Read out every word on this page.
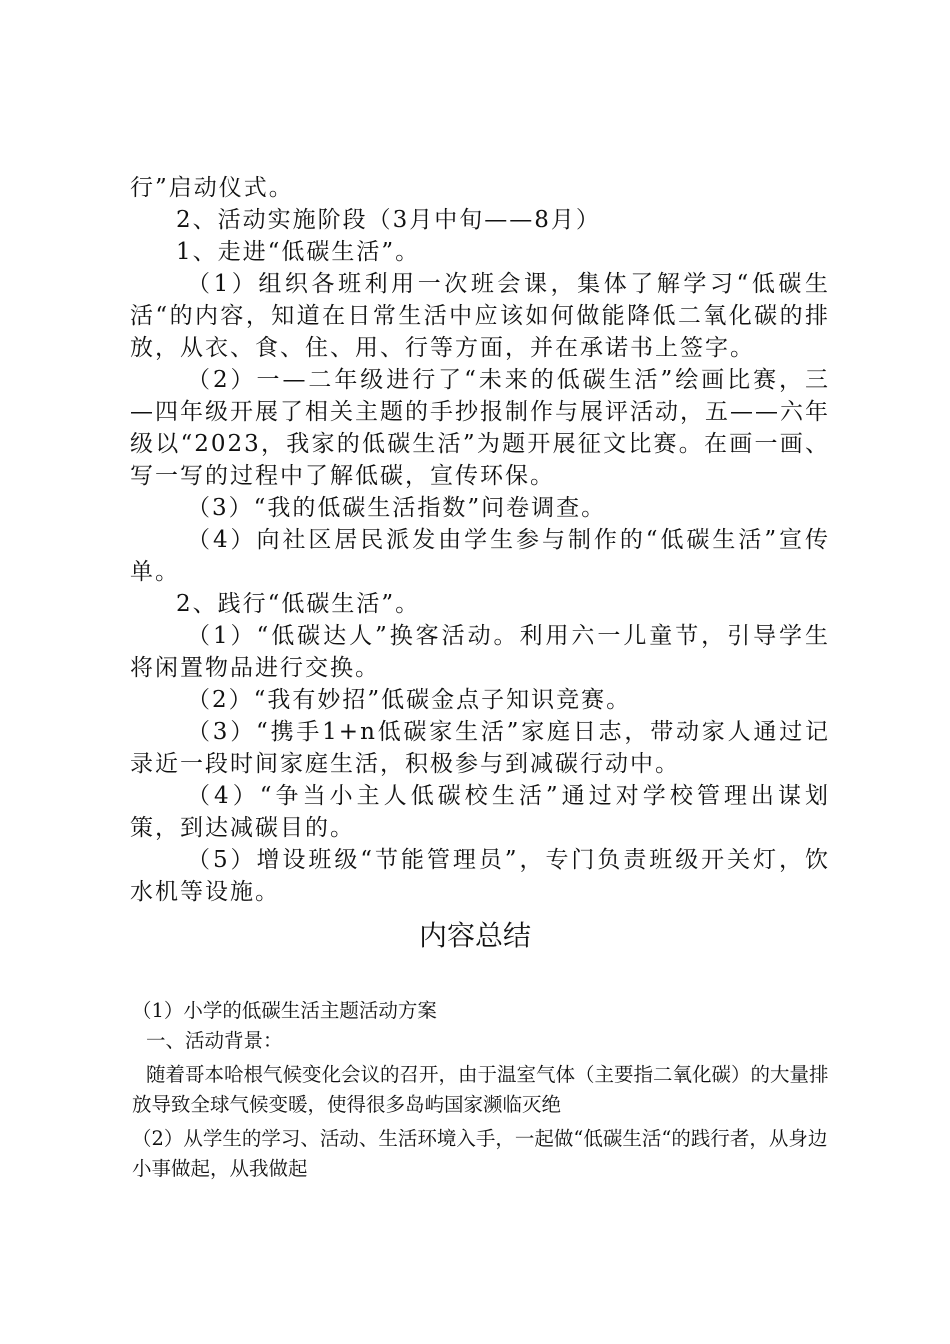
行”启动仪式。

2、活动实施阶段（3月中旬——8月）

1、走进“低碳生活”。

（1）组织各班利用一次班会课，集体了解学习“低碳生活“的内容，知道在日常生活中应该如何做能降低二氧化碳的排放，从衣、食、住、用、行等方面，并在承诺书上签字。

（2）一—二年级进行了“未来的低碳生活”绘画比赛，三—四年级开展了相关主题的手抄报制作与展评活动，五——六年级以“2023，我家的低碳生活”为题开展征文比赛。在画一画、写一写的过程中了解低碳，宣传环保。

（3）“我的低碳生活指数”问卷调查。

（4）向社区居民派发由学生参与制作的“低碳生活”宣传单。

2、践行“低碳生活”。

（1）“低碳达人”换客活动。利用六一儿童节，引导学生将闲置物品进行交换。

（2）“我有妙招”低碳金点子知识竞赛。

（3）“携手1+n低碳家生活”家庭日志，带动家人通过记录近一段时间家庭生活，积极参与到减碳行动中。

（4）“争当小主人低碳校生活”通过对学校管理出谋划策，到达减碳目的。

（5）增设班级“节能管理员”，专门负责班级开关灯，饮水机等设施。

内容总结

（1）小学的低碳生活主题活动方案

一、活动背景：

随着哥本哈根气候变化会议的召开，由于温室气体（主要指二氧化碳）的大量排放导致全球气候变暖，使得很多岛屿国家濒临灭绝

（2）从学生的学习、活动、生活环境入手，一起做“低碳生活“的践行者，从身边小事做起，从我做起
